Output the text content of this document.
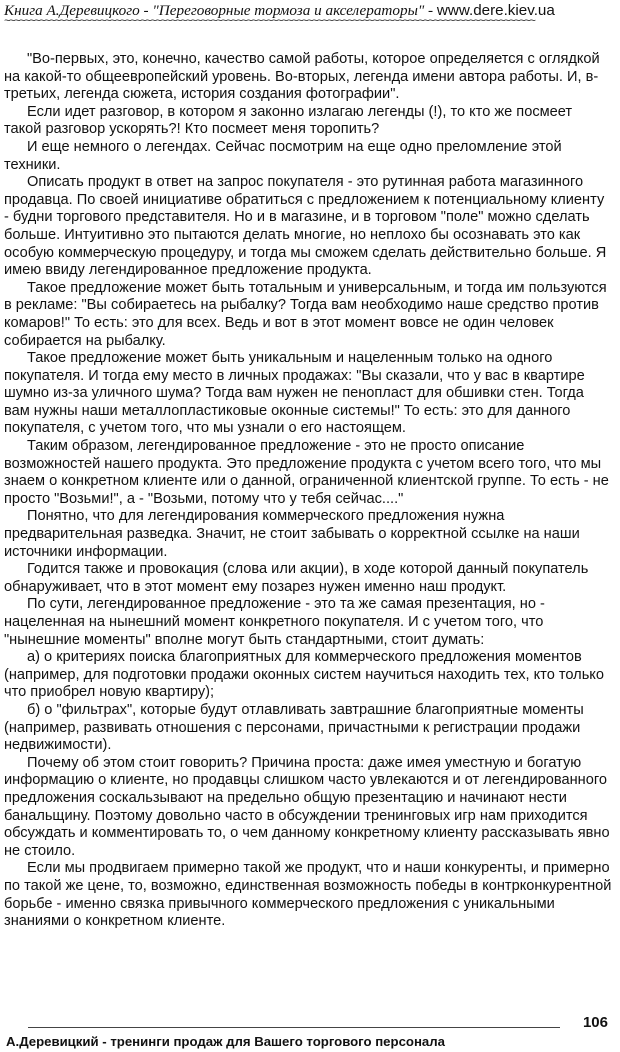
Книга А.Деревицкого - "Переговорные тормоза и акселераторы" - www.dere.kiev.ua
~~~~~~~~~~~~~~~~~~~~~~~~~~~~~~~~~~~~~~~~~~~~~~~~~~~~~~~~~~~~~~~~~~~~~~~~~~~~~~~~~~~~~~~~~~~~~~~~~~~~~~~~~

"Во-первых, это, конечно, качество самой работы, которое определяется с оглядкой на какой-то общеевропейский уровень. Во-вторых, легенда имени автора работы. И, в-третьих, легенда сюжета, история создания фотографии".

Если идет разговор, в котором я законно излагаю легенды (!), то кто же посмеет такой разговор ускорять?! Кто посмеет меня торопить?

И еще немного о легендах. Сейчас посмотрим на еще одно преломление этой техники.

Описать продукт в ответ на запрос покупателя - это рутинная работа магазинного продавца. По своей инициативе обратиться с предложением к потенциальному клиенту - будни торгового представителя. Но и в магазине, и в торговом "поле" можно сделать больше. Интуитивно это пытаются делать многие, но неплохо бы осознавать это как особую коммерческую процедуру, и тогда мы сможем сделать действительно больше. Я имею ввиду легендированное предложение продукта.

Такое предложение может быть тотальным и универсальным, и тогда им пользуются в рекламе: "Вы собираетесь на рыбалку? Тогда вам необходимо наше средство против комаров!" То есть: это для всех. Ведь и вот в этот момент вовсе не один человек собирается на рыбалку.

Такое предложение может быть уникальным и нацеленным только на одного покупателя. И тогда ему место в личных продажах: "Вы сказали, что у вас в квартире шумно из-за уличного шума? Тогда вам нужен не пенопласт для обшивки стен. Тогда вам нужны наши металлопластиковые оконные системы!" То есть: это для данного покупателя, с учетом того, что мы узнали о его настоящем.

Таким образом, легендированное предложение - это не просто описание возможностей нашего продукта. Это предложение продукта с учетом всего того, что мы знаем о конкретном клиенте или о данной, ограниченной клиентской группе. То есть - не просто "Возьми!", а - "Возьми, потому что у тебя сейчас...."

Понятно, что для легендирования коммерческого предложения нужна предварительная разведка. Значит, не стоит забывать о корректной ссылке на наши источники информации.

Годится также и провокация (слова или акции), в ходе которой данный покупатель обнаруживает, что в этот момент ему позарез нужен именно наш продукт.

По сути, легендированное предложение - это та же самая презентация, но - нацеленная на нынешний момент конкретного покупателя. И с учетом того, что "нынешние моменты" вполне могут быть стандартными, стоит думать:

а) о критериях поиска благоприятных для коммерческого предложения моментов (например, для подготовки продажи оконных систем научиться находить тех, кто только что приобрел новую квартиру);

б) о "фильтрах", которые будут отлавливать завтрашние благоприятные моменты (например, развивать отношения с персонами, причастными к регистрации продажи недвижимости).

Почему об этом стоит говорить? Причина проста: даже имея уместную и богатую информацию о клиенте, но продавцы слишком часто увлекаются и от легендированного предложения соскальзывают на предельно общую презентацию и начинают нести банальщину. Поэтому довольно часто в обсуждении тренинговых игр нам приходится обсуждать и комментировать то, о чем данному конкретному клиенту рассказывать явно не стоило.

Если мы продвигаем примерно такой же продукт, что и наши конкуренты, и примерно по такой же цене, то, возможно, единственная возможность победы в контрконкурентной борьбе - именно связка привычного коммерческого предложения с уникальными знаниями о конкретном клиенте.

106
А.Деревицкий - тренинги продаж для Вашего торгового персонала
